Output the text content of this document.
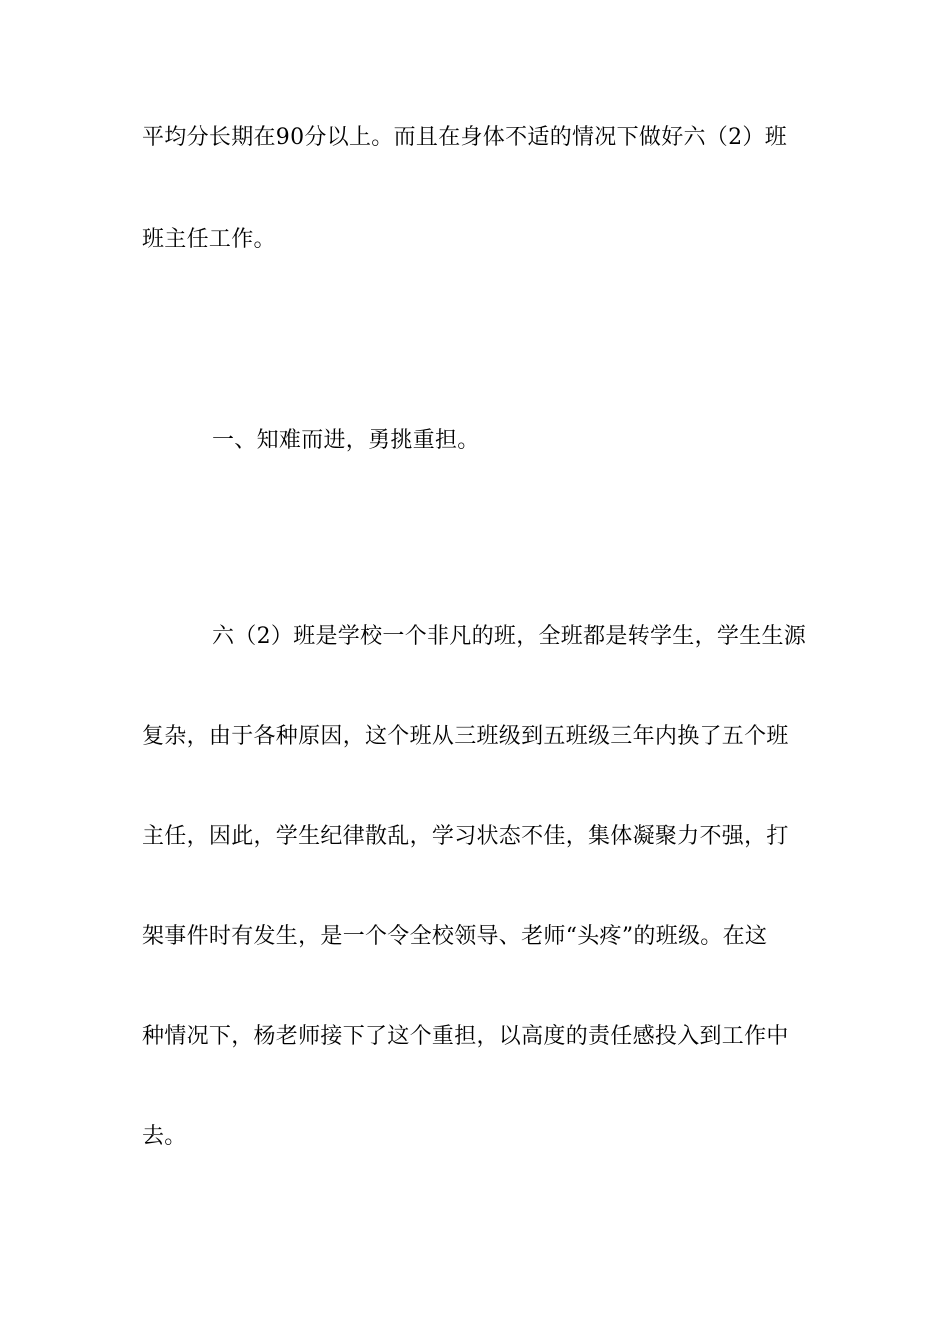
平均分长期在90分以上。而且在身体不适的情况下做好六（2）班
班主任工作。
一、知难而进，勇挑重担。
六（2）班是学校一个非凡的班，全班都是转学生，学生生源
复杂，由于各种原因，这个班从三班级到五班级三年内换了五个班
主任，因此，学生纪律散乱，学习状态不佳，集体凝聚力不强，打
架事件时有发生，是一个令全校领导、老师“头疼”的班级。在这
种情况下，杨老师接下了这个重担，以高度的责任感投入到工作中
去。
